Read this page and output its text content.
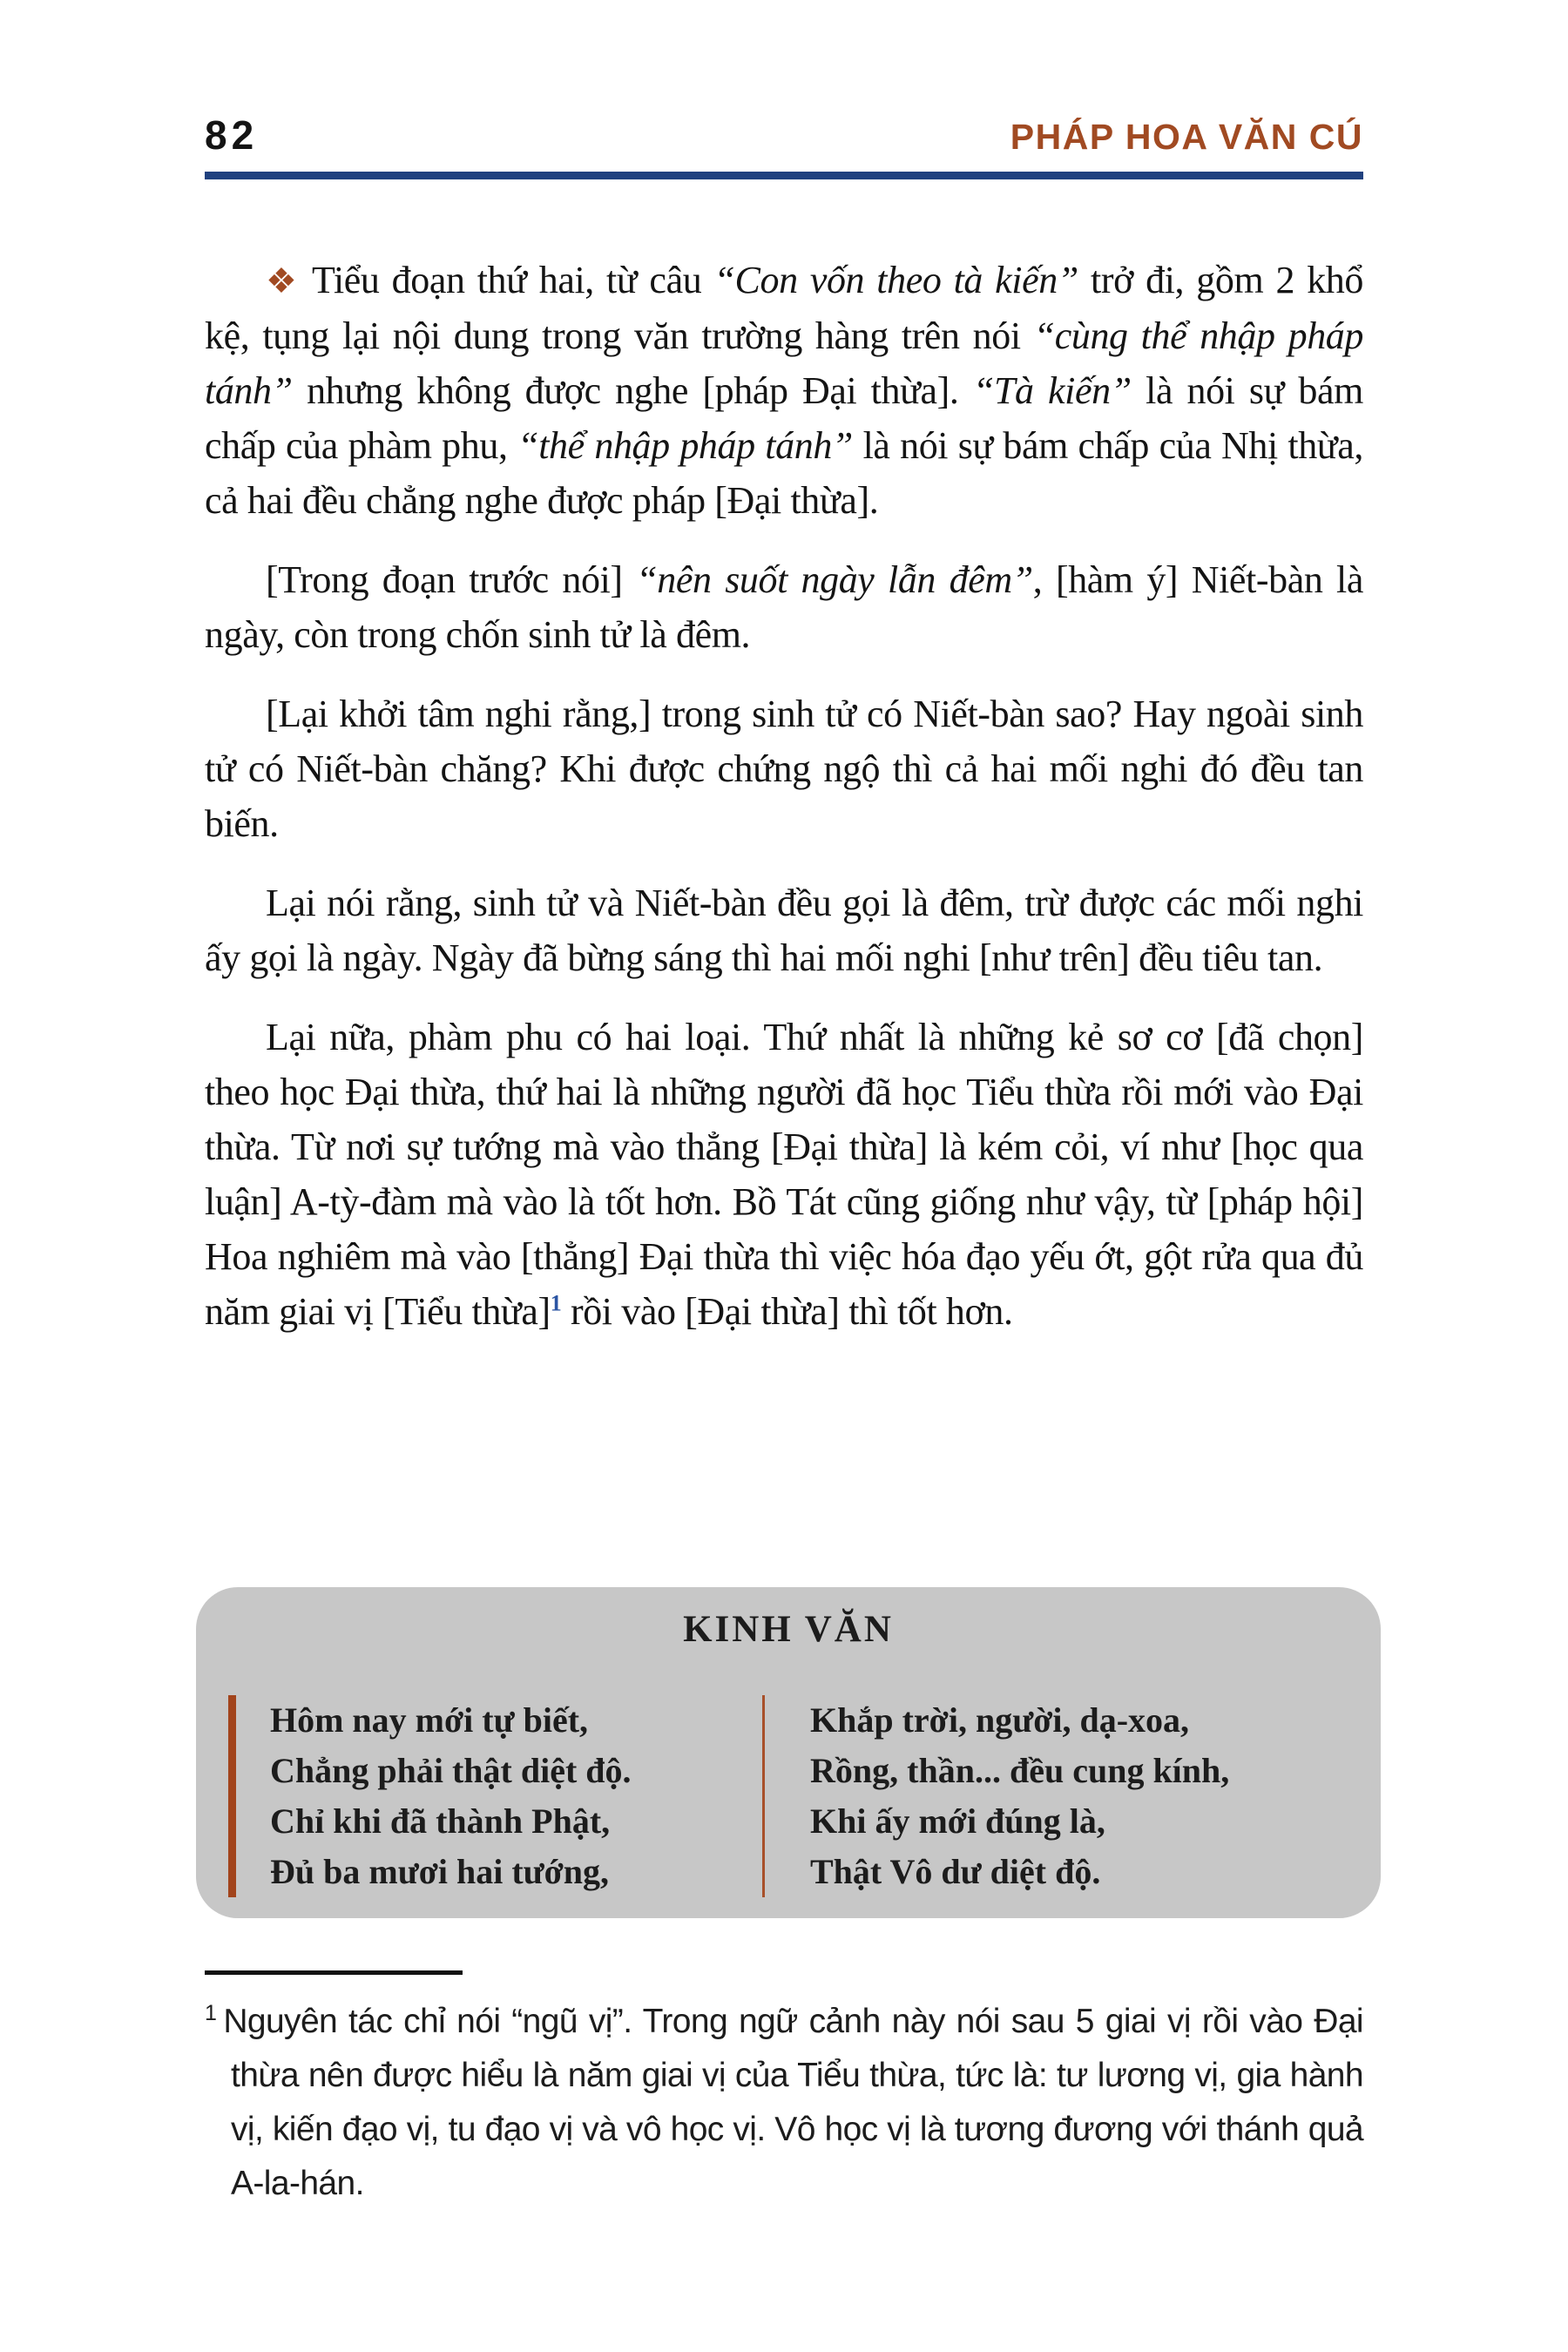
82	PHÁP HOA VĂN CÚ

❖ Tiểu đoạn thứ hai, từ câu “Con vốn theo tà kiến” trở đi, gồm 2 khổ kệ, tụng lại nội dung trong văn trường hàng trên nói “cùng thể nhập pháp tánh” nhưng không được nghe [pháp Đại thừa]. “Tà kiến” là nói sự bám chấp của phàm phu, “thể nhập pháp tánh” là nói sự bám chấp của Nhị thừa, cả hai đều chẳng nghe được pháp [Đại thừa].

[Trong đoạn trước nói] “nên suốt ngày lẫn đêm”, [hàm ý] Niết-bàn là ngày, còn trong chốn sinh tử là đêm.

[Lại khởi tâm nghi rằng,] trong sinh tử có Niết-bàn sao? Hay ngoài sinh tử có Niết-bàn chăng? Khi được chứng ngộ thì cả hai mối nghi đó đều tan biến.

Lại nói rằng, sinh tử và Niết-bàn đều gọi là đêm, trừ được các mối nghi ấy gọi là ngày. Ngày đã bừng sáng thì hai mối nghi [như trên] đều tiêu tan.

Lại nữa, phàm phu có hai loại. Thứ nhất là những kẻ sơ cơ [đã chọn] theo học Đại thừa, thứ hai là những người đã học Tiểu thừa rồi mới vào Đại thừa. Từ nơi sự tướng mà vào thẳng [Đại thừa] là kém cỏi, ví như [học qua luận] A-tỳ-đàm mà vào là tốt hơn. Bồ Tát cũng giống như vậy, từ [pháp hội] Hoa nghiêm mà vào [thẳng] Đại thừa thì việc hóa đạo yếu ớt, gột rửa qua đủ năm giai vị [Tiểu thừa]$^1$ rồi vào [Đại thừa] thì tốt hơn.

KINH VĂN
Hôm nay mới tự biết,
Chẳng phải thật diệt độ.
Chỉ khi đã thành Phật,
Đủ ba mươi hai tướng,
Khắp trời, người, dạ-xoa,
Rồng, thần... đều cung kính,
Khi ấy mới đúng là,
Thật Vô dư diệt độ.
$^1$ Nguyên tác chỉ nói “ngũ vị”. Trong ngữ cảnh này nói sau 5 giai vị rồi vào Đại thừa nên được hiểu là năm giai vị của Tiểu thừa, tức là: tư lương vị, gia hành vị, kiến đạo vị, tu đạo vị và vô học vị. Vô học vị là tương đương với thánh quả A-la-hán.
